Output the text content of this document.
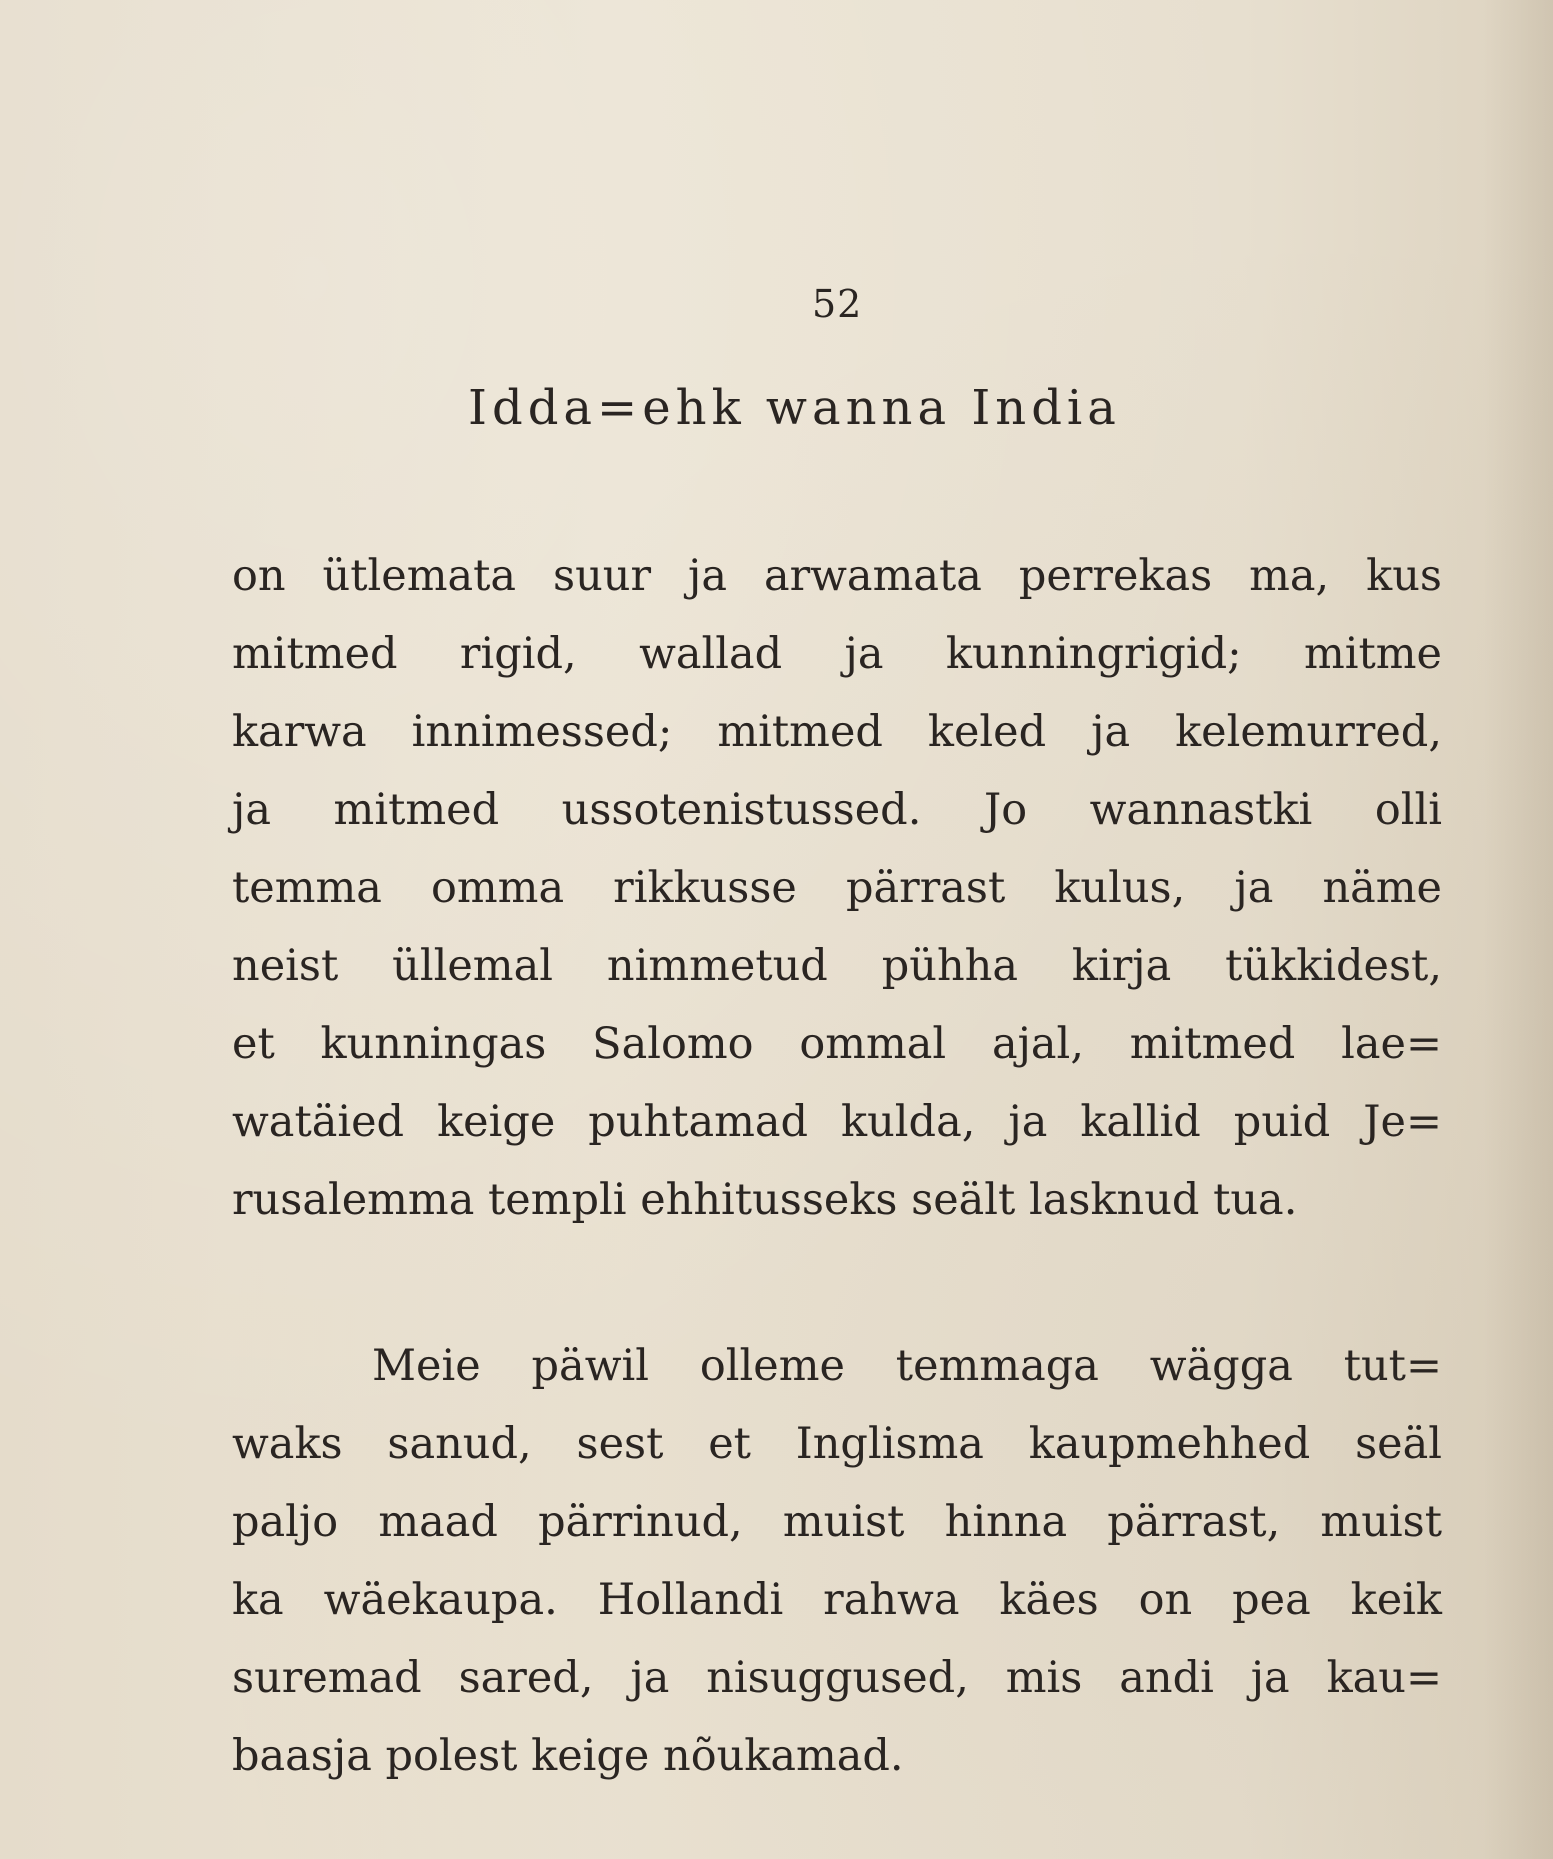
52
Idda=ehk wanna India
on ütlemata suur ja arwamata perrekas ma, kus
mitmed rigid, wallad ja kunningrigid; mitme
karwa innimessed; mitmed keled ja kelemurred,
ja mitmed ussotenistussed. Jo wannastki olli
temma omma rikkusse pärrast kulus, ja näme
neist üllemal nimmetud pühha kirja tükkidest,
et kunningas Salomo ommal ajal, mitmed lae=
watäied keige puhtamad kulda, ja kallid puid Je=
rusalemma templi ehhitusseks seält lasknud tua.
Meie päwil olleme temmaga wägga tut=
waks sanud, sest et Inglisma kaupmehhed seäl
paljo maad pärrinud, muist hinna pärrast, muist
ka wäekaupa. Hollandi rahwa käes on pea keik
suremad sared, ja nisuggused, mis andi ja kau=
baasja polest keige nõukamad.
